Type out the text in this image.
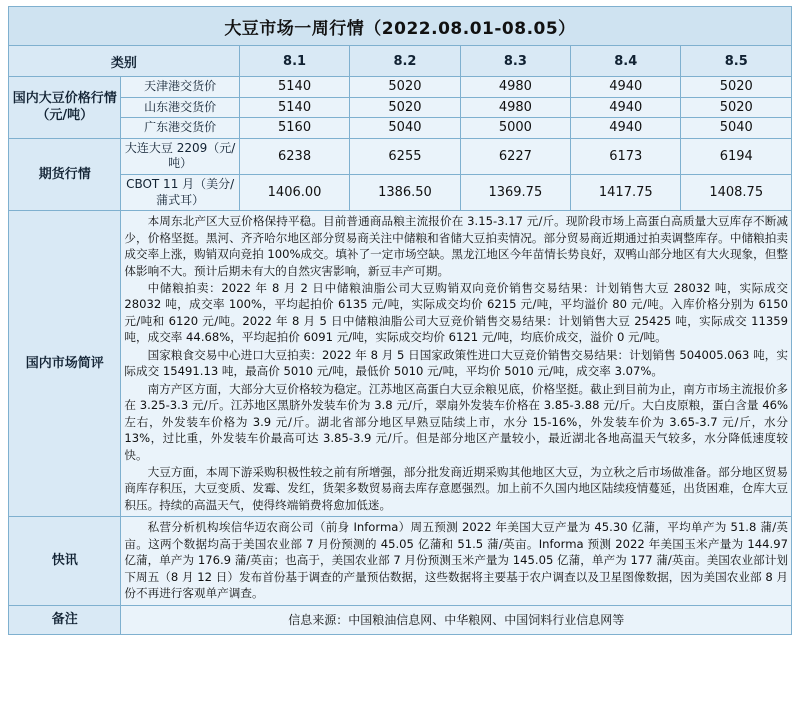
大豆市场一周行情（2022.08.01-08.05）						
类别		8.1	8.2	8.3	8.4	8.5
国内大豆价格行情（元/吨）	天津港交货价	5140	5020	4980	4940	5020
	山东港交货价	5140	5020	4980	4940	5020
	广东港交货价	5160	5040	5000	4940	5040
期货行情	大连大豆 2209（元/吨）	6238	6255	6227	6173	6194
	CBOT 11 月（美分/蒲式耳）	1406.00	1386.50	1369.75	1417.75	1408.75
国内市场简评	本周东北产区大豆价格保持平稳。目前普通商品粮主流报价在 3.15-3.17 元/斤。现阶段市场上高蛋白高质量大豆库存不断减少，价格坚挺。黑河、齐齐哈尔地区部分贸易商关注中储粮和省储大豆拍卖情况。部分贸易商近期通过拍卖调整库存。中储粮拍卖成交率上涨，购销双向竞拍 100%成交。填补了一定市场空缺。黑龙江地区今年苗情长势良好，双鸭山部分地区有大火现象，但整体影响不大。预计后期未有大的自然灾害影响，新豆丰产可期。

中储粮拍卖：2022 年 8 月 2 日中储粮油脂公司大豆购销双向竞价销售交易结果：计划销售大豆 28032 吨，实际成交 28032 吨，成交率 100%，平均起拍价 6135 元/吨，实际成交均价 6215 元/吨，平均溢价 80 元/吨。入库价格分别为 6150 元/吨和 6120 元/吨。2022 年 8 月 5 日中储粮油脂公司大豆竞价销售交易结果：计划销售大豆 25425 吨，实际成交 11359 吨，成交率 44.68%，平均起拍价 6091 元/吨，实际成交均价 6121 元/吨，均底价成交，溢价 0 元/吨。

国家粮食交易中心进口大豆拍卖：2022 年 8 月 5 日国家政策性进口大豆竞价销售交易结果：计划销售 504005.063 吨，实际成交 15491.13 吨，最高价 5010 元/吨，最低价 5010 元/吨，平均价 5010 元/吨，成交率 3.07%。

南方产区方面，大部分大豆价格较为稳定。江苏地区高蛋白大豆余粮见底，价格坚挺。截止到目前为止，南方市场主流报价多在 3.25-3.3 元/斤。江苏地区黑脐外发装车价为 3.8 元/斤，翠扇外发装车价格在 3.85-3.88 元/斤。大白皮原粮，蛋白含量 46%左右，外发装车价格为 3.9 元/斤。湖北省部分地区早熟豆陆续上市，水分 15-16%，外发装车价为 3.65-3.7 元/斤，水分 13%，过比重，外发装车价最高可达 3.85-3.9 元/斤。但是部分地区产量较小，最近湖北各地高温天气较多，水分降低速度较快。

大豆方面，本周下游采购积极性较之前有所增强，部分批发商近期采购其他地区大豆，为立秋之后市场做准备。部分地区贸易商库存积压，大豆变质、发霉、发红，货架多数贸易商去库存意愿强烈。加上前不久国内地区陆续疫情蔓延，出货困难，仓库大豆积压。持续的高温天气，使得终端销费将愈加低迷。					

快讯	私营分析机构埃信华迈农商公司（前身 Informa）周五预测 2022 年美国大豆产量为 45.30 亿蒲，平均单产为 51.8 蒲/英亩。这两个数据均高于美国农业部 7 月份预测的 45.05 亿蒲和 51.5 蒲/英亩。Informa 预测 2022 年美国玉米产量为 144.97 亿蒲，单产为 176.9 蒲/英亩；也高于，美国农业部 7 月份预测玉米产量为 145.05 亿蒲，单产为 177 蒲/英亩。美国农业部计划下周五（8 月 12 日）发布首份基于调查的产量预估数据，这些数据将主要基于农户调查以及卫星图像数据，因为美国农业部 8 月份不再进行客观单产调查。					

备注	信息来源：中国粮油信息网、中华粮网、中国饲料行业信息网等					
